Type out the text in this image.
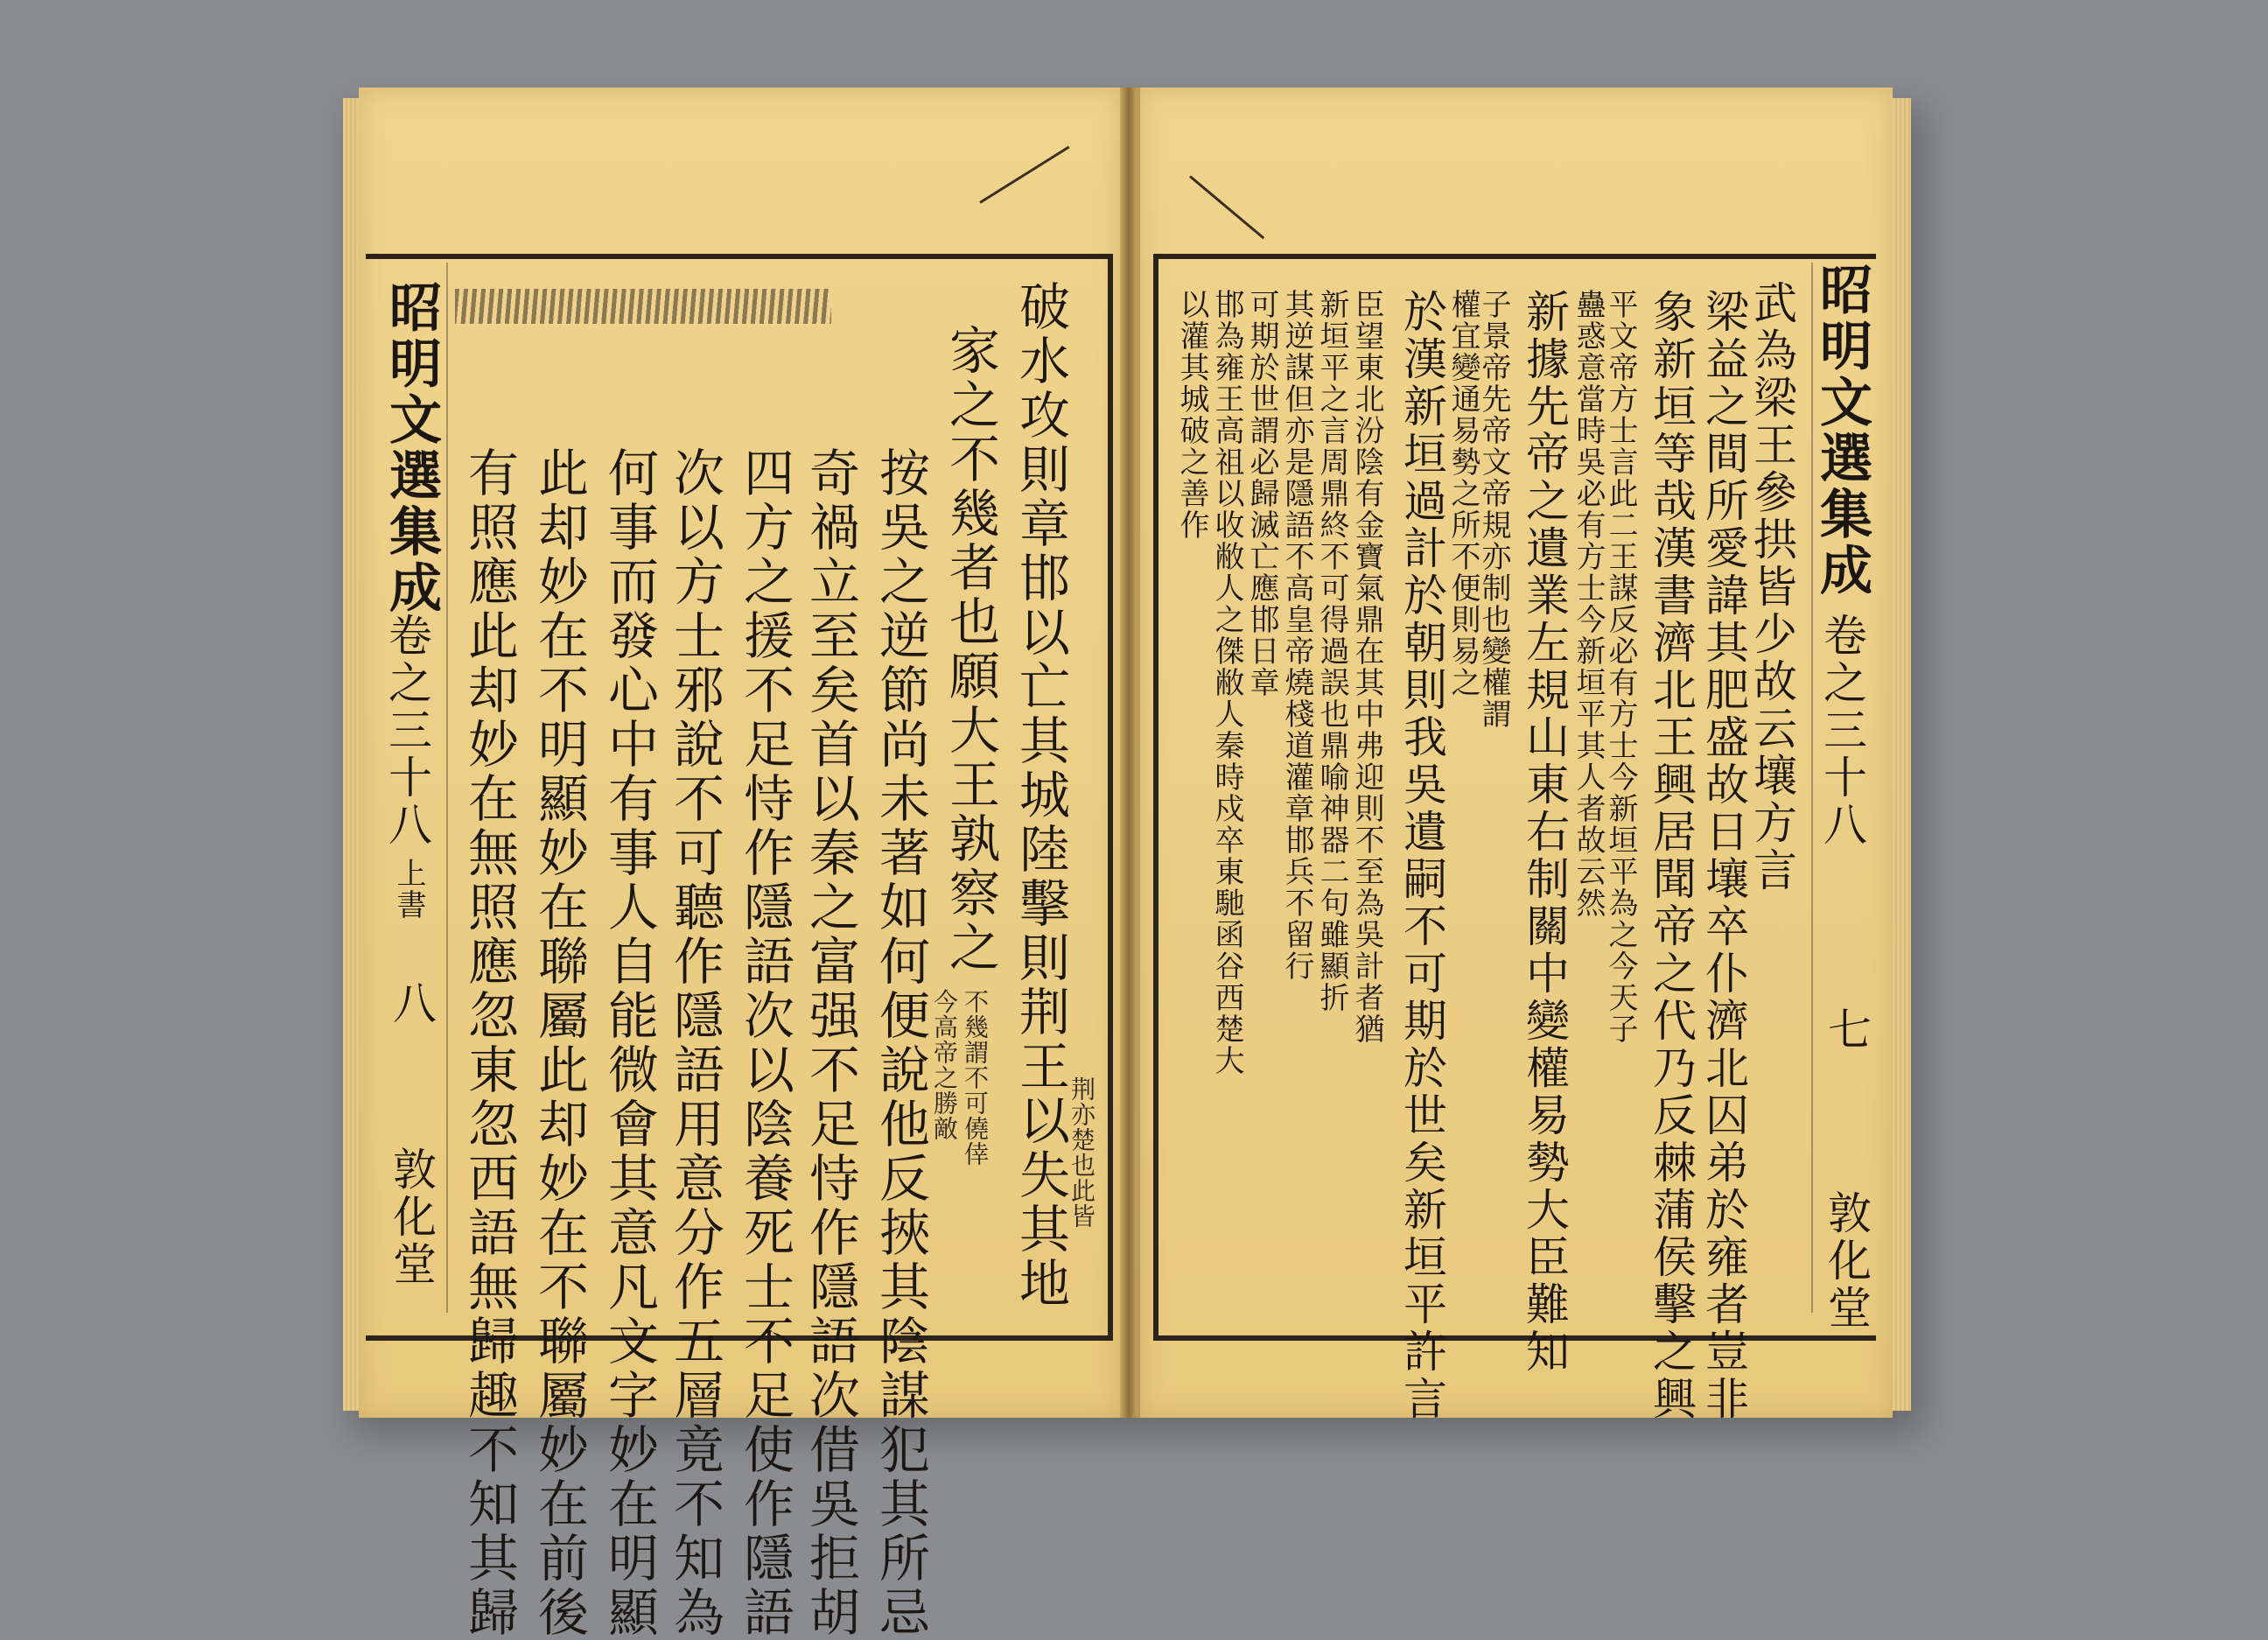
昭明文選集成
卷之三十八
上書
八
敦化堂	破水攻則章邯以亡其城陸擊則荆王以失其地
家之不幾者也願大王孰察之
按吳之逆節尚未著如何便說他反挾其陰謀犯其所忌
奇禍立至矣首以秦之富强不足恃作隱語次借吳拒胡
四方之援不足恃作隱語次以陰養死士不足使作隱語
次以方士邪說不可聽作隱語用意分作五層竟不知為
何事而發心中有事人自能微會其意凡文字妙在明顯
此却妙在不明顯妙在聯屬此却妙在不聯屬妙在前後
有照應此却妙在無照應忽東忽西語無歸趣不知其歸	荆亦楚也此皆
不幾謂不可僥倖
今高帝之勝敵
昭明文選集成
卷之三十八
七
敦化堂
武為梁王參拱皆少故云壤方言
梁益之間所愛諱其肥盛故日壤卒仆濟北囚弟於雍者豈非
象新垣等哉漢書濟北王興居聞帝之代乃反棘蒲侯擊之興
平文帝方士言此二王謀反必有方士今新垣平為之今天子
蠱惑意當時吳必有方士今新垣平其人者故云然
新據先帝之遺業左規山東右制關中變權易勢大臣難知
子景帝先帝文帝規亦制也變權謂
權宜變通易勢之所不便則易之
於漢新垣過計於朝則我吳遺嗣不可期於世矣新垣平許言
臣望東北汾陰有金寶氣鼎在其中弗迎則不至為吳計者猶
新垣平之言周鼎終不可得過誤也鼎喻神器二句雖顯折
其逆謀但亦是隱語不高皇帝燒棧道灌章邯兵不留行
可期於世謂必歸滅亡應邯日章
邯為雍王高祖以收敝人之傑敝人秦時戍卒東馳函谷西楚大
以灌其城破之善作
